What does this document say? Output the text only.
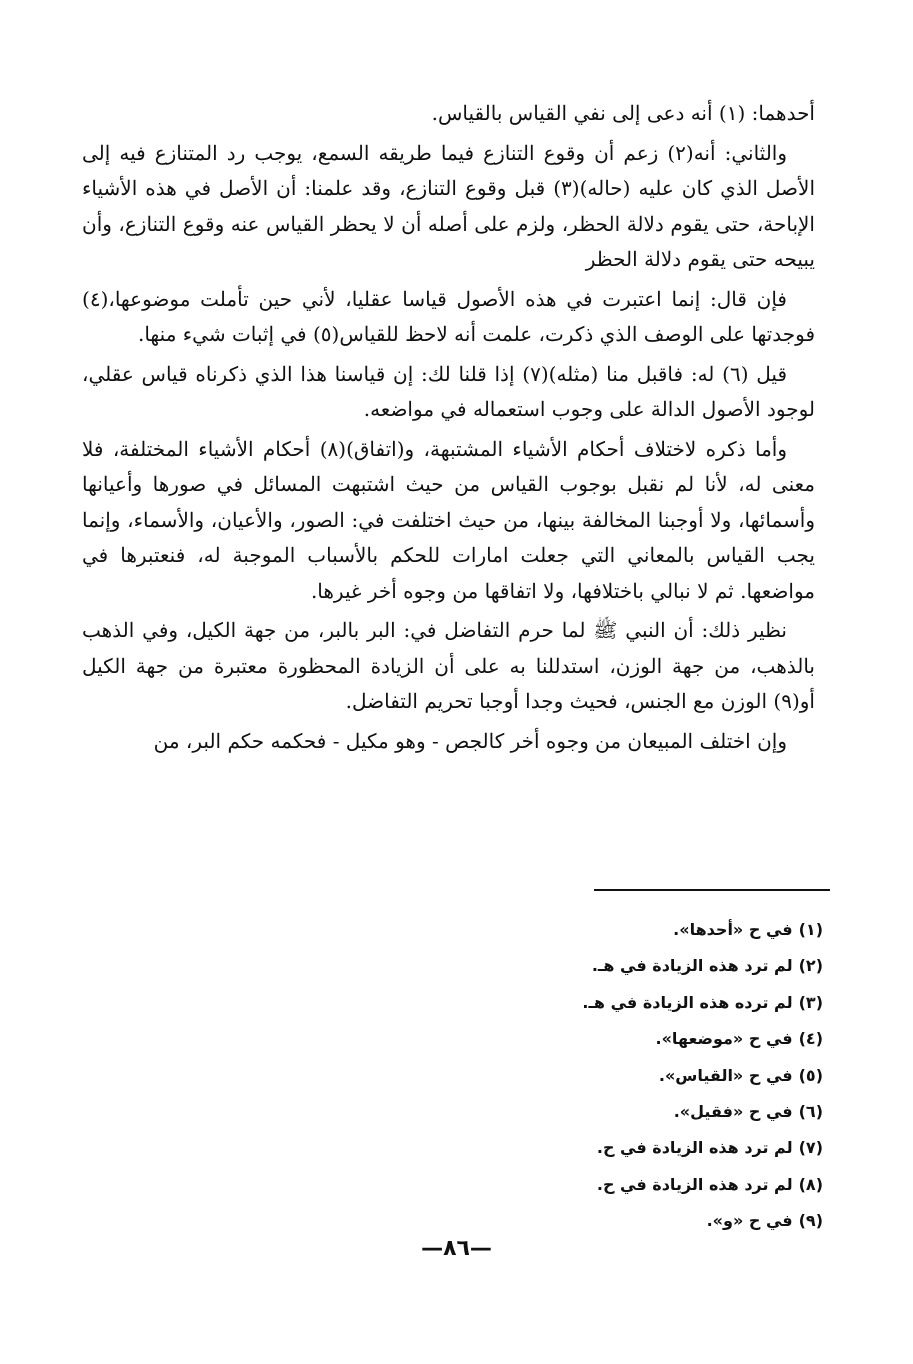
أحدهما: (١) أنه دعى إلى نفي القياس بالقياس.

والثاني: أنه(٢) زعم أن وقوع التنازع فيما طريقه السمع، يوجب رد المتنازع فيه إلى الأصل الذي كان عليه (حاله)(٣) قبل وقوع التنازع، وقد علمنا: أن الأصل في هذه الأشياء الإباحة، حتى يقوم دلالة الحظر، ولزم على أصله أن لا يحظر القياس عنه وقوع التنازع، وأن يبيحه حتى يقوم دلالة الحظر

فإن قال: إنما اعتبرت في هذه الأصول قياسا عقليا، لأني حين تأملت موضوعها،(٤) فوجدتها على الوصف الذي ذكرت، علمت أنه لاحظ للقياس(٥) في إثبات شيء منها.

قيل (٦) له: فاقبل منا (مثله)(٧) إذا قلنا لك: إن قياسنا هذا الذي ذكرناه قياس عقلي، لوجود الأصول الدالة على وجوب استعماله في مواضعه.

وأما ذكره لاختلاف أحكام الأشياء المشتبهة، و(اتفاق)(٨) أحكام الأشياء المختلفة، فلا معنى له، لأنا لم نقبل بوجوب القياس من حيث اشتبهت المسائل في صورها وأعيانها وأسمائها، ولا أوجبنا المخالفة بينها، من حيث اختلفت في: الصور، والأعيان، والأسماء، وإنما يجب القياس بالمعاني التي جعلت امارات للحكم بالأسباب الموجبة له، فنعتبرها في مواضعها. ثم لا نبالي باختلافها، ولا اتفاقها من وجوه أخر غيرها.

نظير ذلك: أن النبي ﷺ لما حرم التفاضل في: البر بالبر، من جهة الكيل، وفي الذهب بالذهب، من جهة الوزن، استدللنا به على أن الزيادة المحظورة معتبرة من جهة الكيل أو(٩) الوزن مع الجنس، فحيث وجدا أوجبا تحريم التفاضل.

وإن اختلف المبيعان من وجوه أخر كالجص - وهو مكيل - فحكمه حكم البر، من

(١)في ح «أحدها».
(٢)لم ترد هذه الزيادة في هـ.
(٣)لم ترده هذه الزيادة في هـ.
(٤)في ح «موضعها».
(٥)في ح «القياس».
(٦)في ح «فقيل».
(٧)لم ترد هذه الزيادة في ح.
(٨)لم ترد هذه الزيادة في ح.
(٩)في ح «و».
—٨٦—
